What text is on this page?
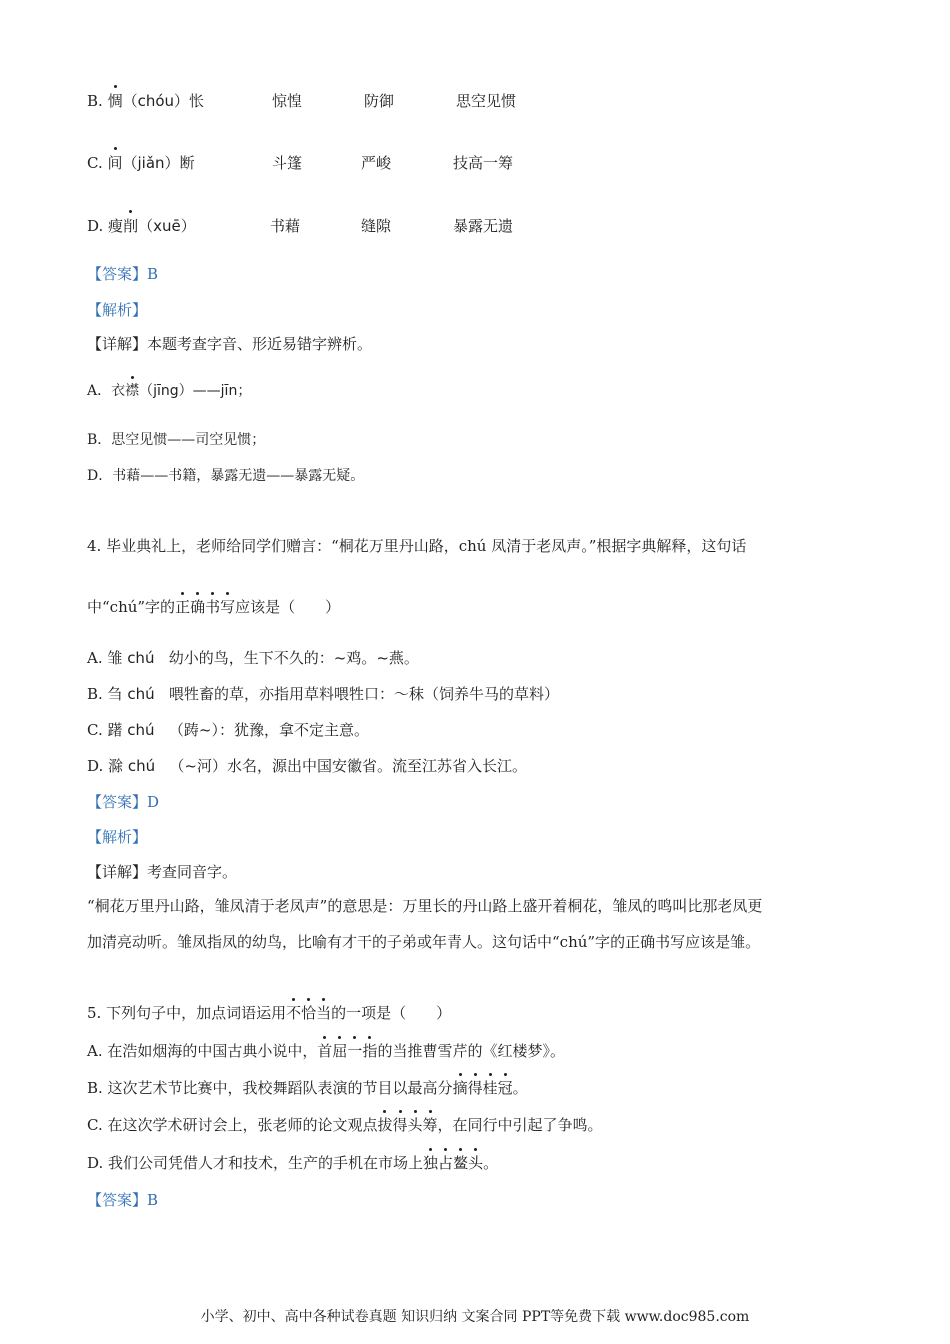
B. 惆（chóu）怅	惊惶	防御	思空见惯
C. 间（jiǎn）断	斗篷	严峻	技高一筹
D. 瘦削（xuē）	书藉	缝隙	暴露无遗
【答案】B
【解析】
【详解】本题考查字音、形近易错字辨析。
A．衣襟（jīng）——jīn；
B．思空见惯——司空见惯；
D．书藉——书籍，暴露无遗——暴露无疑。
4. 毕业典礼上，老师给同学们赠言：“桐花万里丹山路，chú 凤清于老凤声。”根据字典解释，这句话
中“chú”字的正确书写应该是（　　）
A. 雏 chú 幼小的鸟，生下不久的：~鸡。~燕。
B. 刍 chú 喂牲畜的草，亦指用草料喂牲口：～秣（饲养牛马的草料）
C. 躇 chú （踌~）：犹豫，拿不定主意。
D. 滁 chú （~河）水名，源出中国安徽省。流至江苏省入长江。
【答案】D
【解析】
【详解】考查同音字。
“桐花万里丹山路，雏凤清于老凤声”的意思是：万里长的丹山路上盛开着桐花，雏凤的鸣叫比那老凤更
加清亮动听。雏凤指凤的幼鸟，比喻有才干的子弟或年青人。这句话中“chú”字的正确书写应该是雏。
5. 下列句子中，加点词语运用不恰当的一项是（　　）
A. 在浩如烟海的中国古典小说中，首屈一指的当推曹雪芹的《红楼梦》。
B. 这次艺术节比赛中，我校舞蹈队表演的节目以最高分摘得桂冠。
C. 在这次学术研讨会上，张老师的论文观点拔得头筹，在同行中引起了争鸣。
D. 我们公司凭借人才和技术，生产的手机在市场上独占鳌头。
【答案】B
小学、初中、高中各种试卷真题 知识归纳 文案合同 PPT等免费下载 www.doc985.com
